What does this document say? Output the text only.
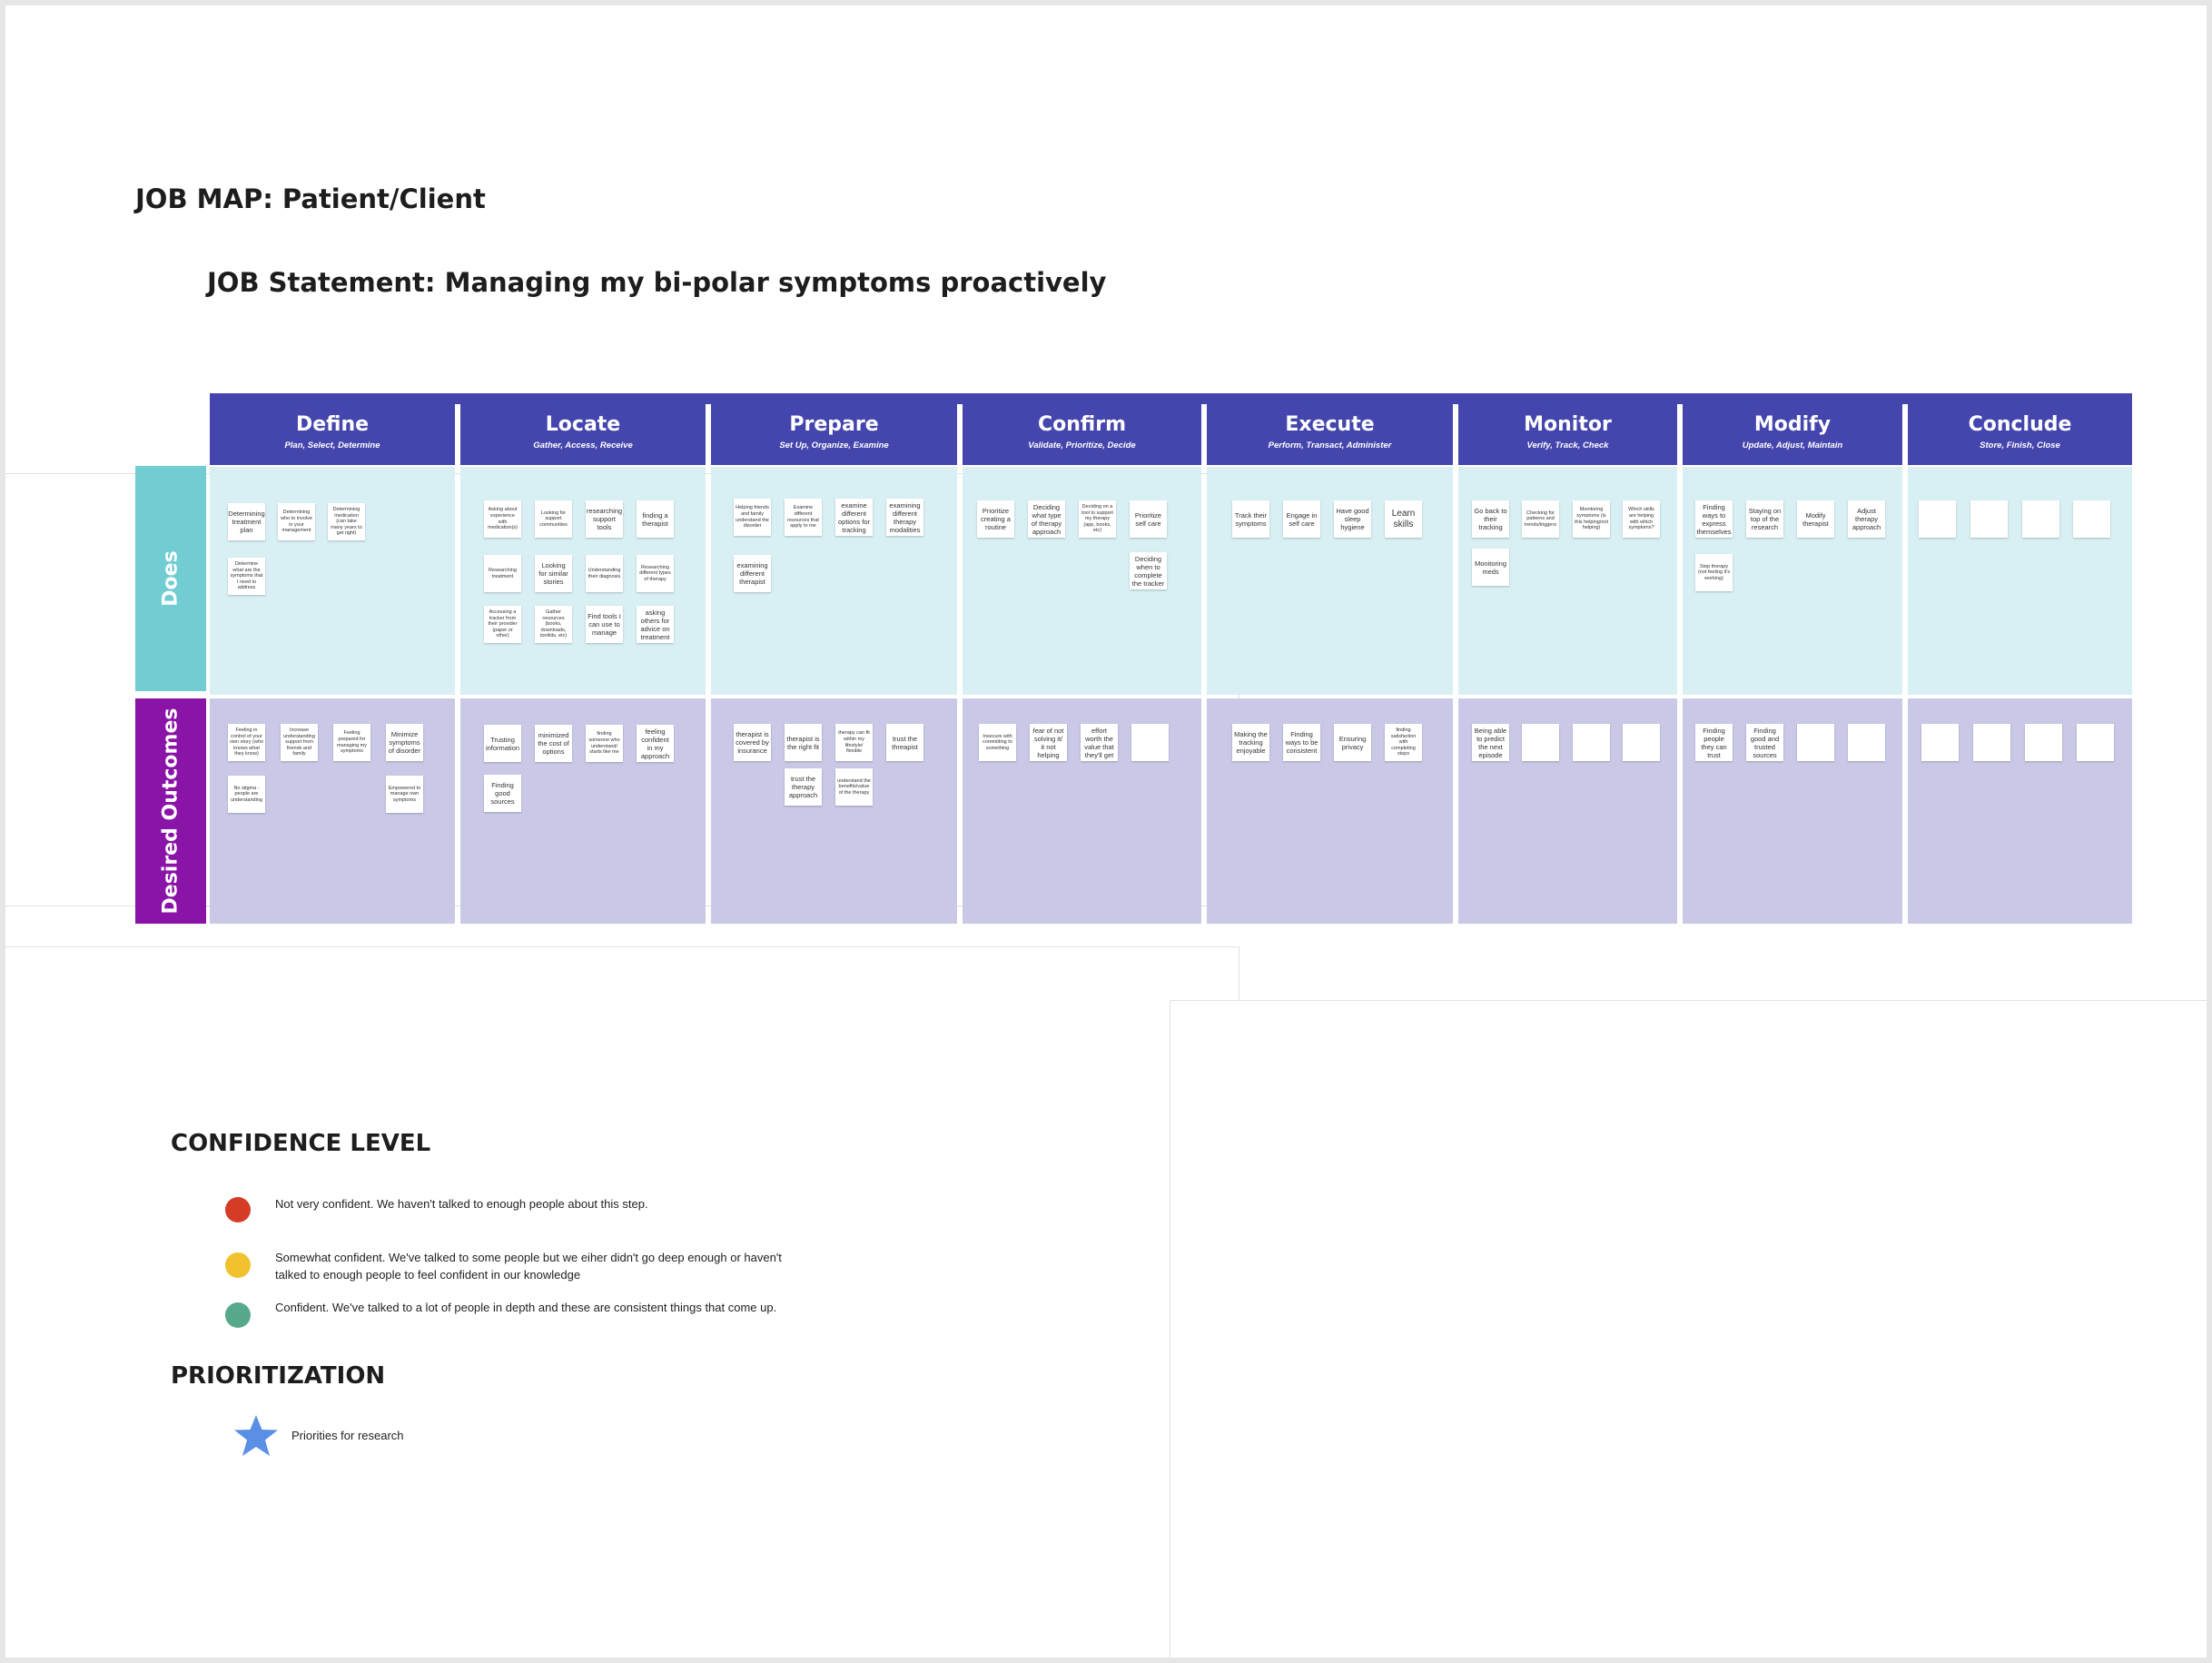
JOB MAP: Patient/Client
JOB Statement: Managing my bi-polar symptoms proactively
Does
Desired Outcomes
Define
Plan, Select, Determine
Determining treatment plan
Determining who to involve in your management
Determining medication (can take many years to get right)
Determine what are the symptoms that I need to address
Feeling in control of your own story (who knows what they know)
Increase understanding support from friends and family
Feeling prepared for managing my symptoms
Minimize symptoms of disorder
No stigma - people are understanding
Empowered to manage own symptoms
Locate
Gather, Access, Receive
Asking about experience with medication(s)
Looking for support communities
researching support tools
finding a therapist
Researching treatment
Looking for similar stories
Understanding their diagnosis
Researching different types of therapy
Accessing a tracker from their provider (paper or other)
Gather resources (books, downloads, toolkits, etc)
Find tools I can use to manage
asking others for advice on treatment
Trusting information
minimized the cost of options
finding someone who understand/ starts like me
feeling confident in my approach
Finding good sources
Prepare
Set Up, Organize, Examine
Helping friends and family understand the disorder
Examine different resources that apply to me
examine different options for tracking
examining different therapy modalities
examining different therapist
therapist is covered by insurance
therapist is the right fit
therapy can fit within my lifestyle/ flexible
trust the threapist
trust the therapy approach
understand the benefits/value of the therapy
Confirm
Validate, Prioritize, Decide
Prioritize creating a routine
Deciding what type of therapy approach
Deciding on a tool to support my therapy (app, books, etc)
Prioritize self care
Deciding when to complete the tracker
Insecure with committing to something
fear of not solving it/ it not helping
effort worth the value that they'll get
Execute
Perform, Transact, Administer
Track their symptoms
Engage in self care
Have good sleep hygiene
Learn skills
Making the tracking enjoyable
Finding ways to be consistent
Ensuring privacy
finding satisfaction with completing steps
Monitor
Verify, Track, Check
Go back to their tracking
Checking for patterns and trends/triggers
Monitoring symptoms (is this helping/not helping)
Which skills are helping with which symptoms?
Monitoring meds
Being able to predict the next episode
Modify
Update, Adjust, Maintain
Finding ways to express themselves
Staying on top of the research
Modify therapist
Adjust therapy approach
Stop therapy (not feeling it's working)
Finding people they can trust
Finding good and trusted sources
Conclude
Store, Finish, Close
CONFIDENCE LEVEL
Not very confident. We haven't talked to enough people about this step.
Somewhat confident. We've talked to some people but we eiher didn't go deep enough or haven't talked to enough people to feel confident in our knowledge
Confident. We've talked to a lot of people in depth and these are consistent things that come up.
PRIORITIZATION
Priorities for research
